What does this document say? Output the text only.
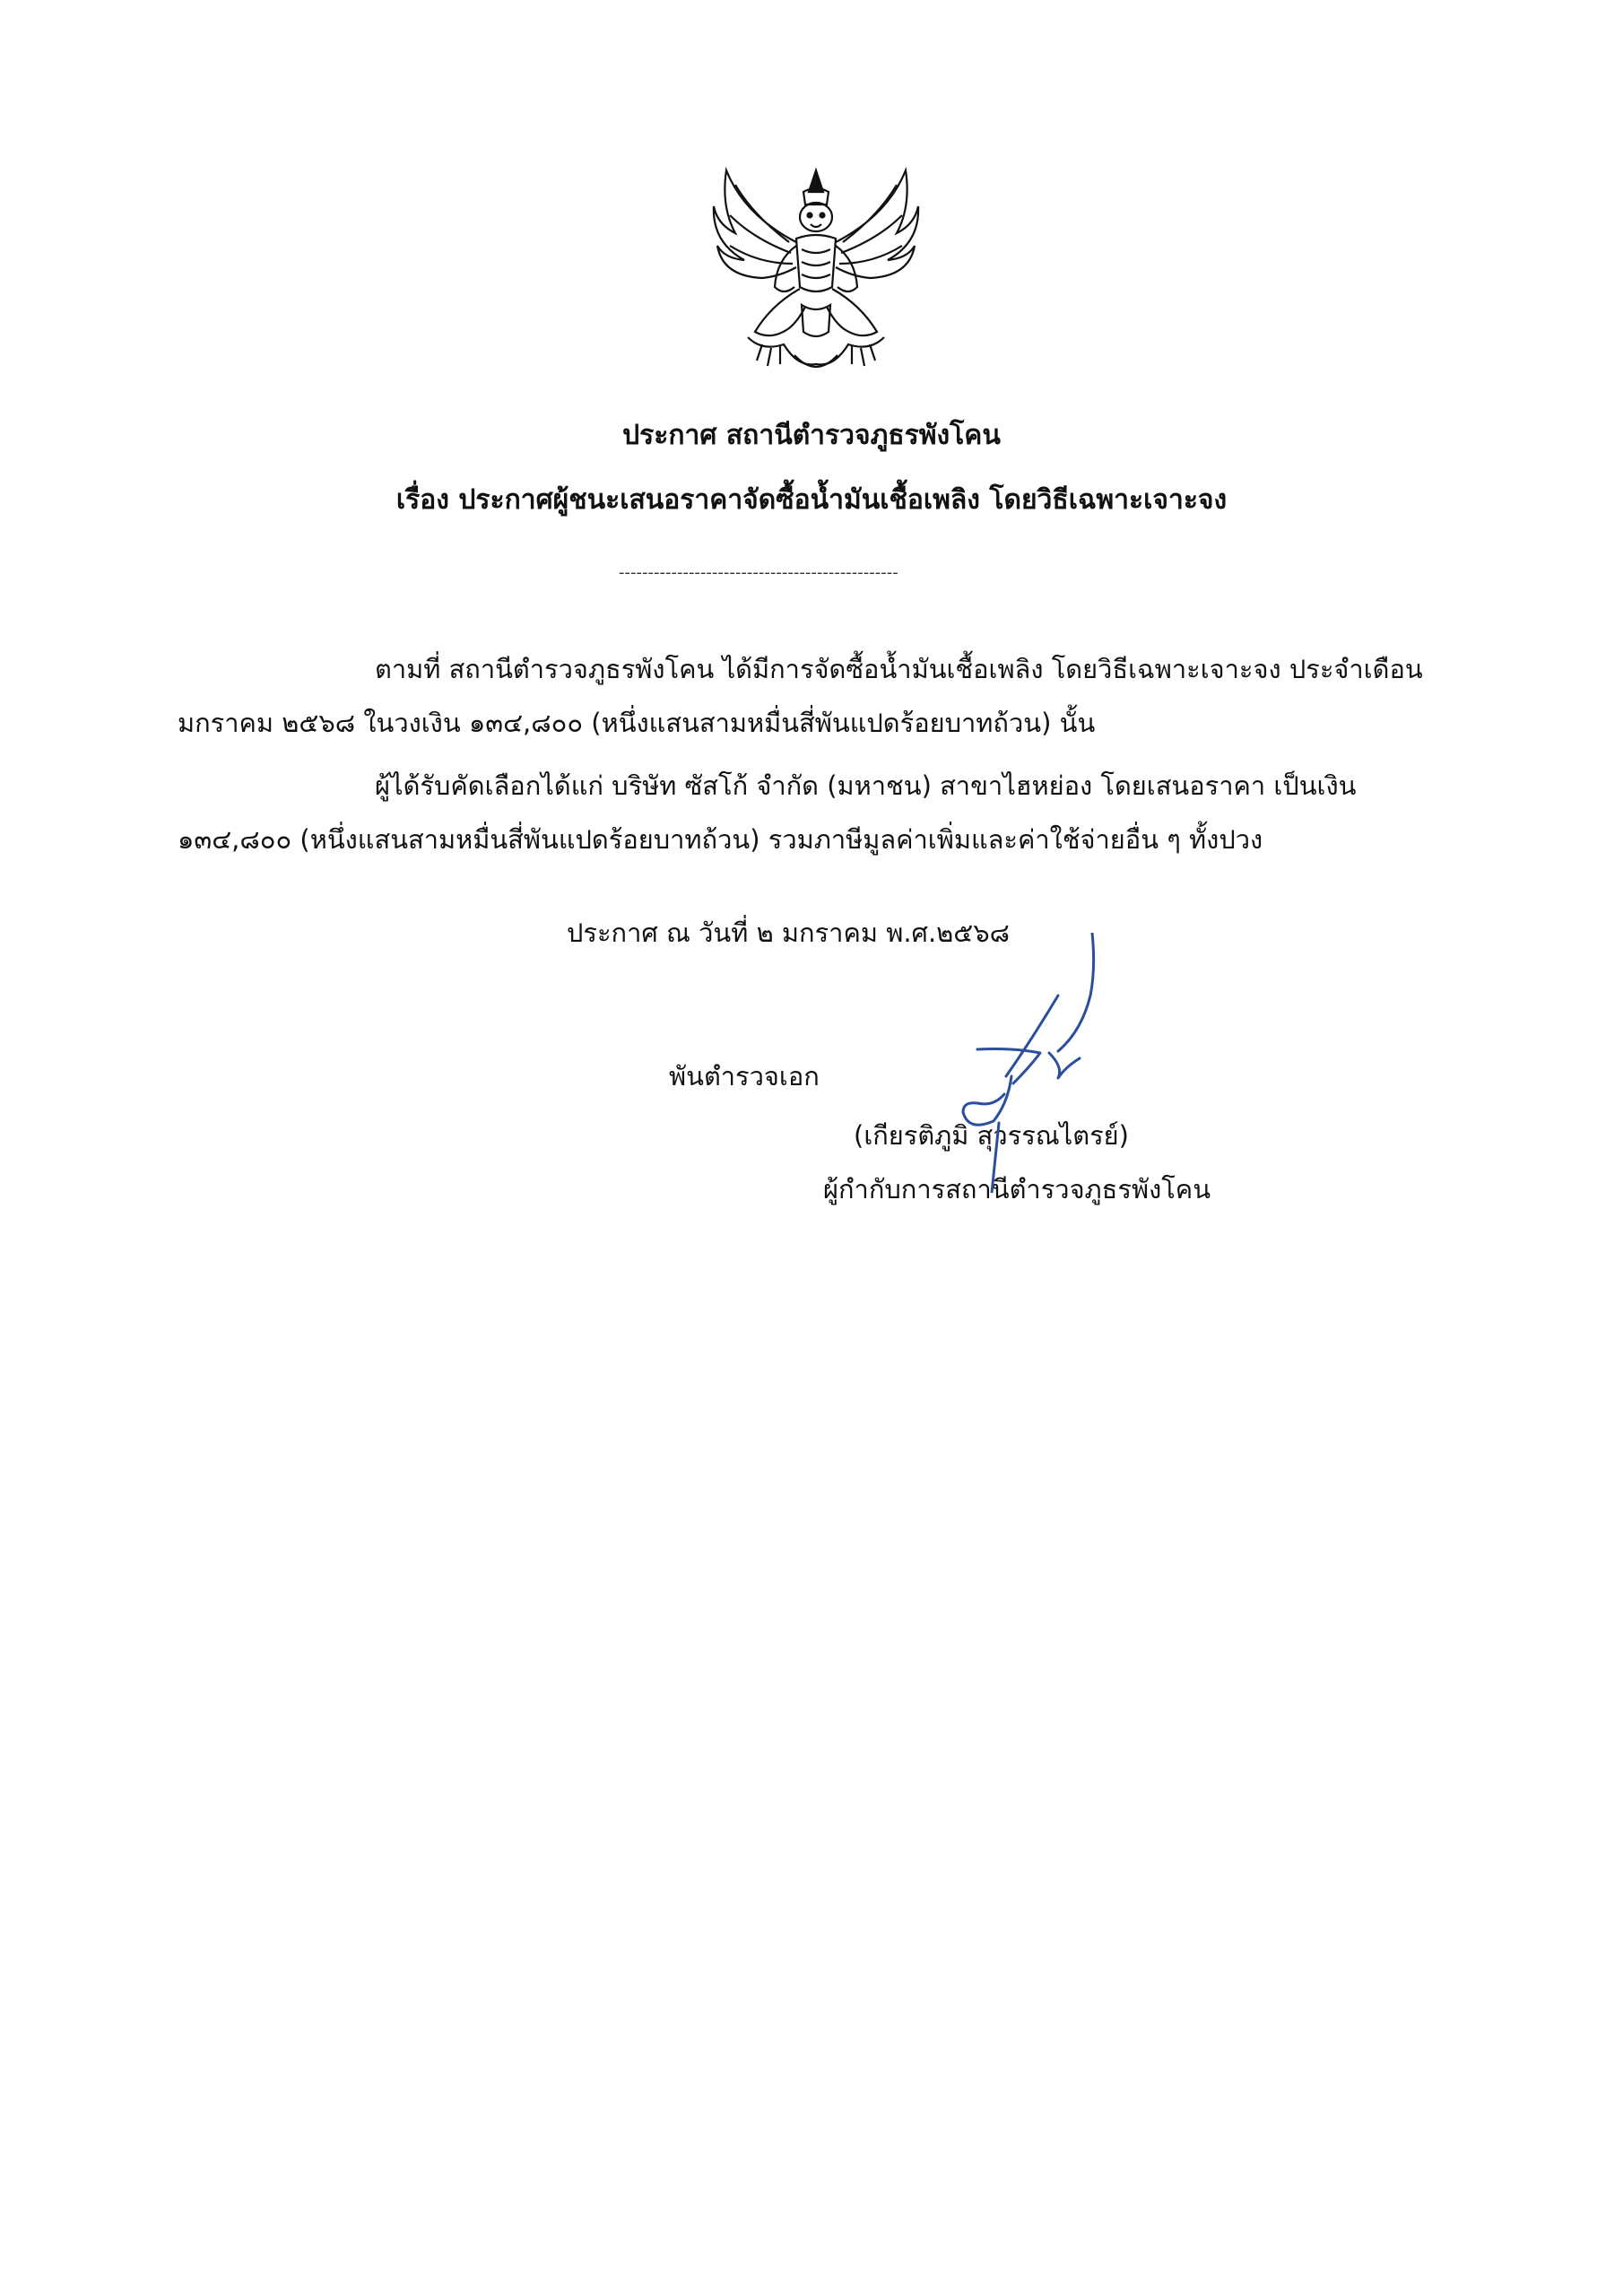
ประกาศ สถานีตำรวจภูธรพังโคน
เรื่อง ประกาศผู้ชนะเสนอราคาจัดซื้อน้ำมันเชื้อเพลิง โดยวิธีเฉพาะเจาะจง
------------------------------------------------
ตามที่ สถานีตำรวจภูธรพังโคน ได้มีการจัดซื้อน้ำมันเชื้อเพลิง โดยวิธีเฉพาะเจาะจง ประจำเดือน
มกราคม ๒๕๖๘ ในวงเงิน ๑๓๔,๘๐๐ (หนึ่งแสนสามหมื่นสี่พันแปดร้อยบาทถ้วน) นั้น
ผู้ได้รับคัดเลือกได้แก่ บริษัท ซัสโก้ จำกัด (มหาชน) สาขาไฮหย่อง โดยเสนอราคา เป็นเงิน
๑๓๔,๘๐๐ (หนึ่งแสนสามหมื่นสี่พันแปดร้อยบาทถ้วน) รวมภาษีมูลค่าเพิ่มและค่าใช้จ่ายอื่น ๆ ทั้งปวง
ประกาศ ณ วันที่ ๒ มกราคม พ.ศ.๒๕๖๘
พันตำรวจเอก
(เกียรติภูมิ สุวรรณไตรย์)
ผู้กำกับการสถานีตำรวจภูธรพังโคน
